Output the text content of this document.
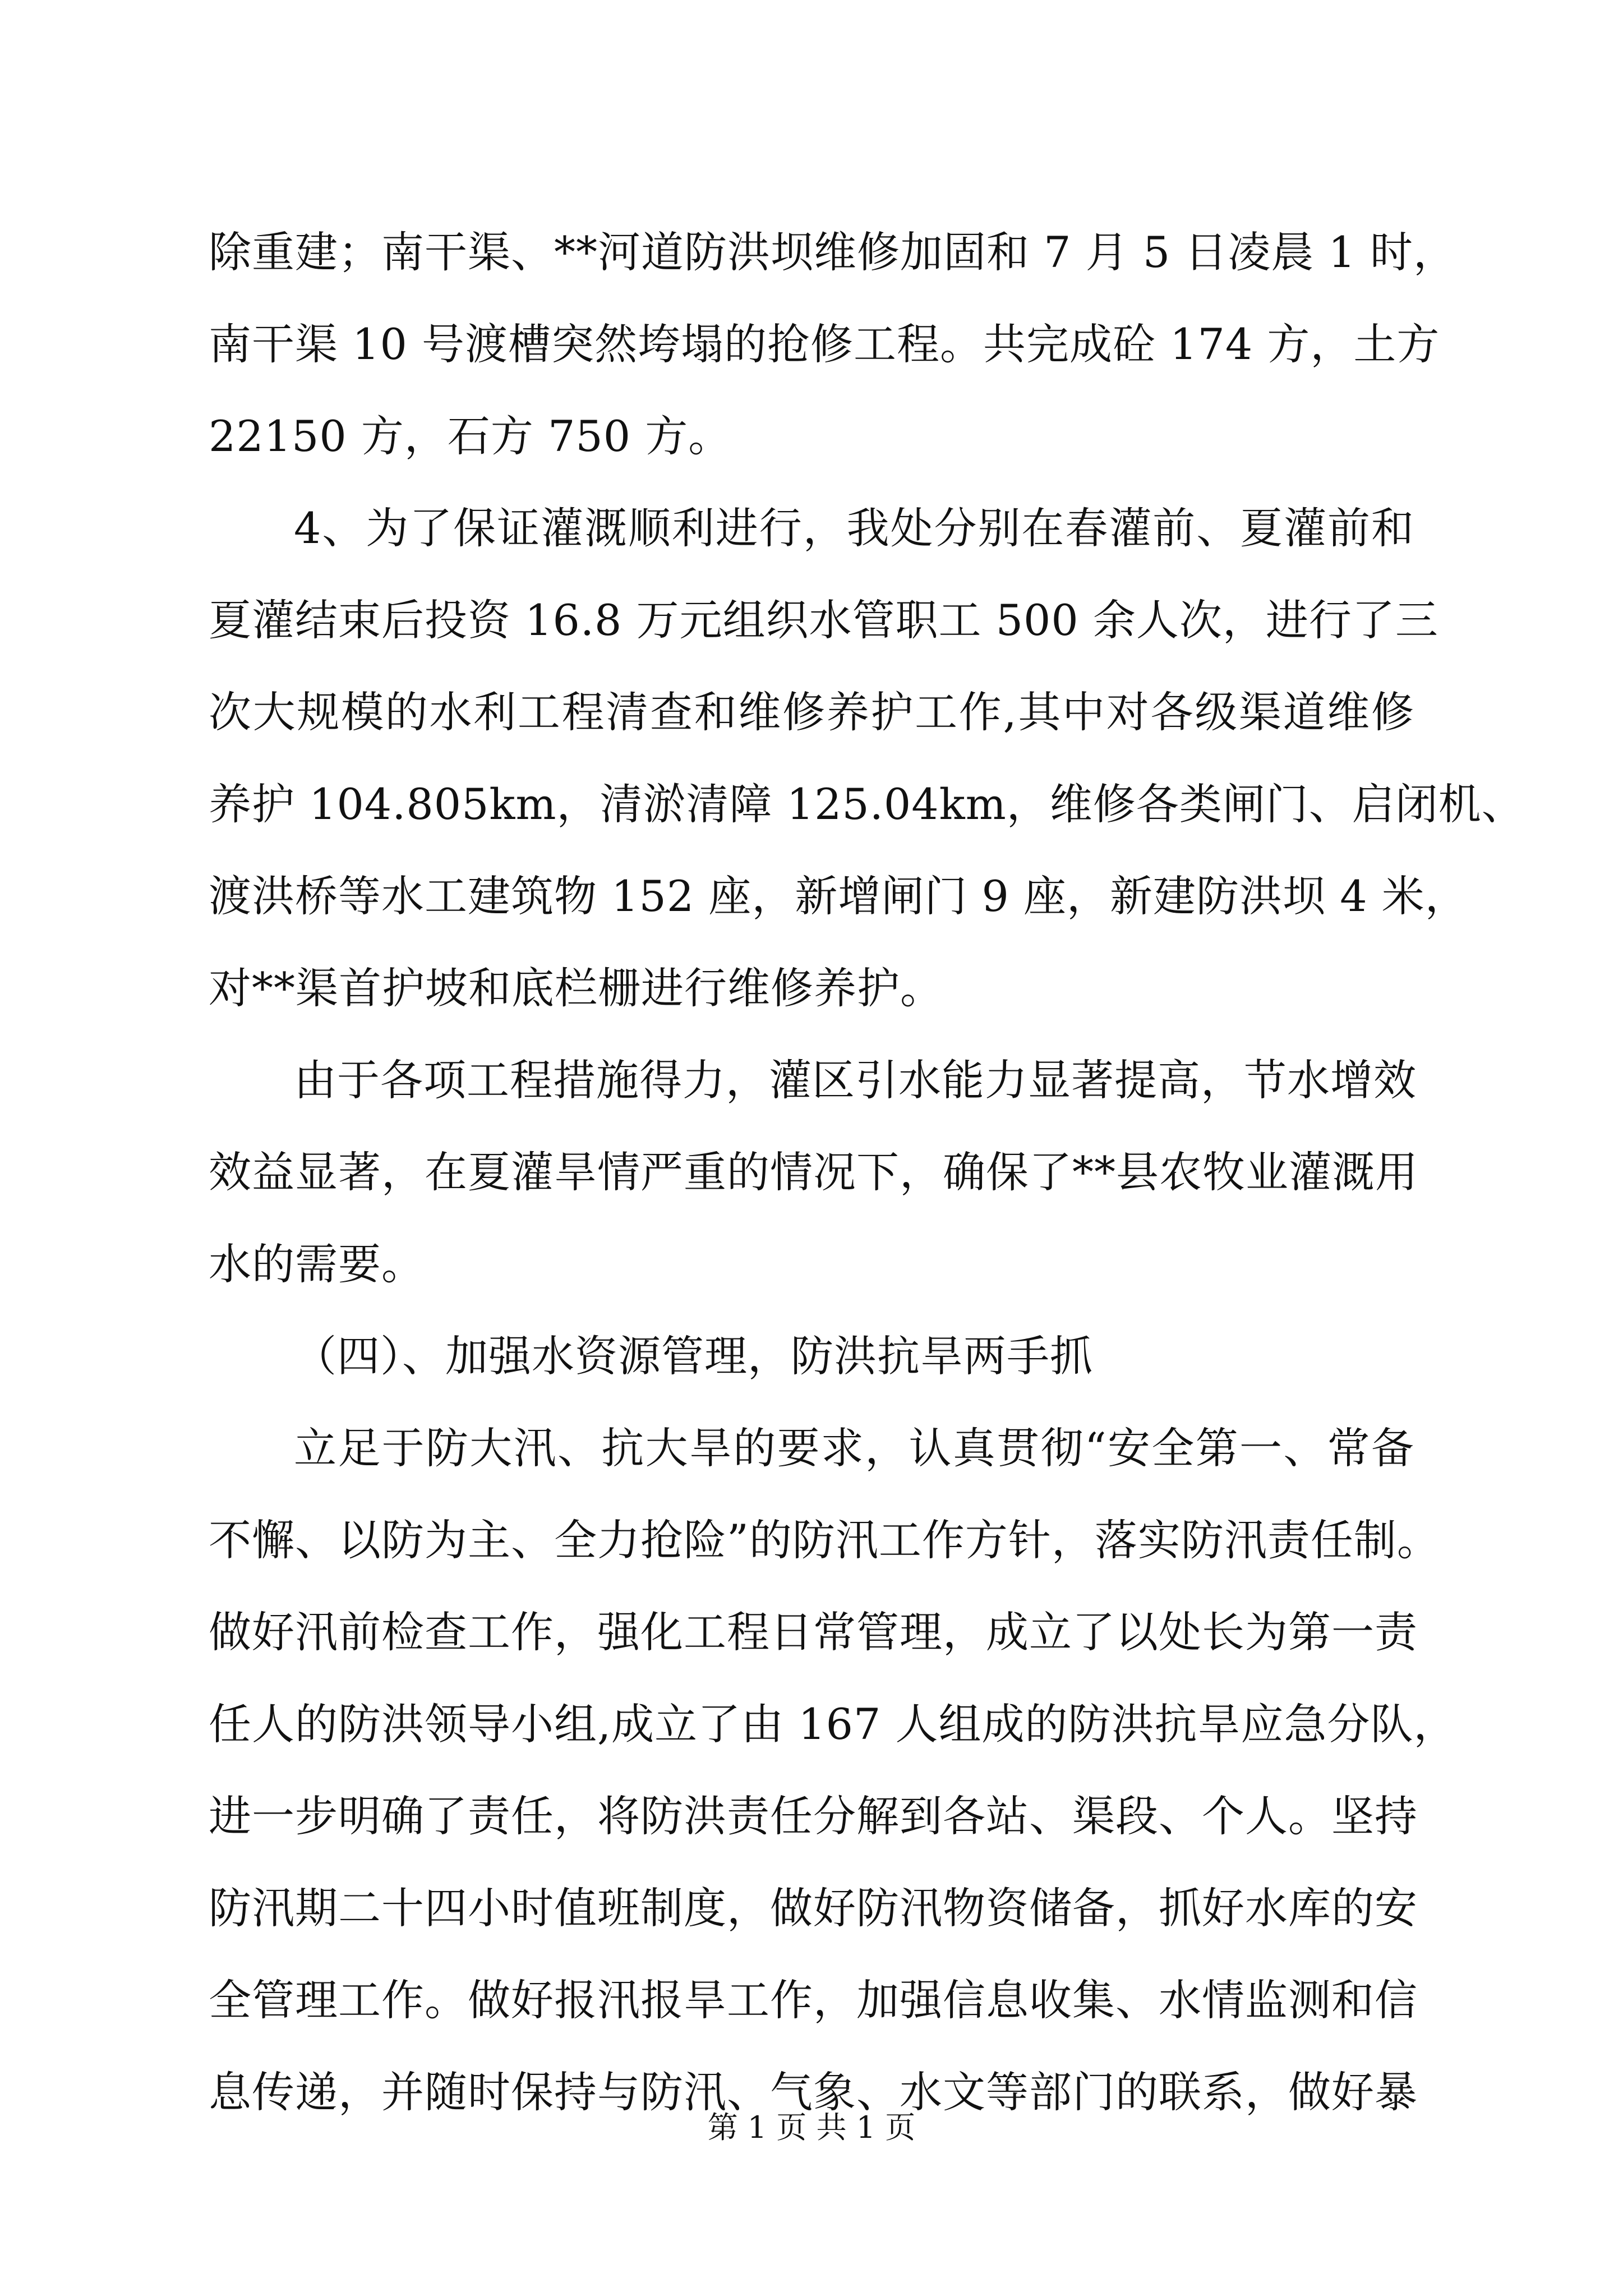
除重建；南干渠、**河道防洪坝维修加固和 7 月 5 日凌晨 1 时，
南干渠 10 号渡槽突然垮塌的抢修工程。共完成砼 174 方，土方
22150 方，石方 750 方。
4、为了保证灌溉顺利进行，我处分别在春灌前、夏灌前和
夏灌结束后投资 16.8 万元组织水管职工 500 余人次，进行了三
次大规模的水利工程清查和维修养护工作,其中对各级渠道维修
养护 104.805km，清淤清障 125.04km，维修各类闸门、启闭机、
渡洪桥等水工建筑物 152 座，新增闸门 9 座，新建防洪坝 4 米，
对**渠首护坡和底栏栅进行维修养护。
由于各项工程措施得力，灌区引水能力显著提高，节水增效
效益显著，在夏灌旱情严重的情况下，确保了**县农牧业灌溉用
水的需要。
（四）、加强水资源管理，防洪抗旱两手抓
立足于防大汛、抗大旱的要求，认真贯彻“安全第一、常备
不懈、以防为主、全力抢险”的防汛工作方针，落实防汛责任制。
做好汛前检查工作，强化工程日常管理，成立了以处长为第一责
任人的防洪领导小组,成立了由 167 人组成的防洪抗旱应急分队，
进一步明确了责任，将防洪责任分解到各站、渠段、个人。坚持
防汛期二十四小时值班制度，做好防汛物资储备，抓好水库的安
全管理工作。做好报汛报旱工作，加强信息收集、水情监测和信
息传递，并随时保持与防汛、气象、水文等部门的联系，做好暴
第 1 页 共 1 页
